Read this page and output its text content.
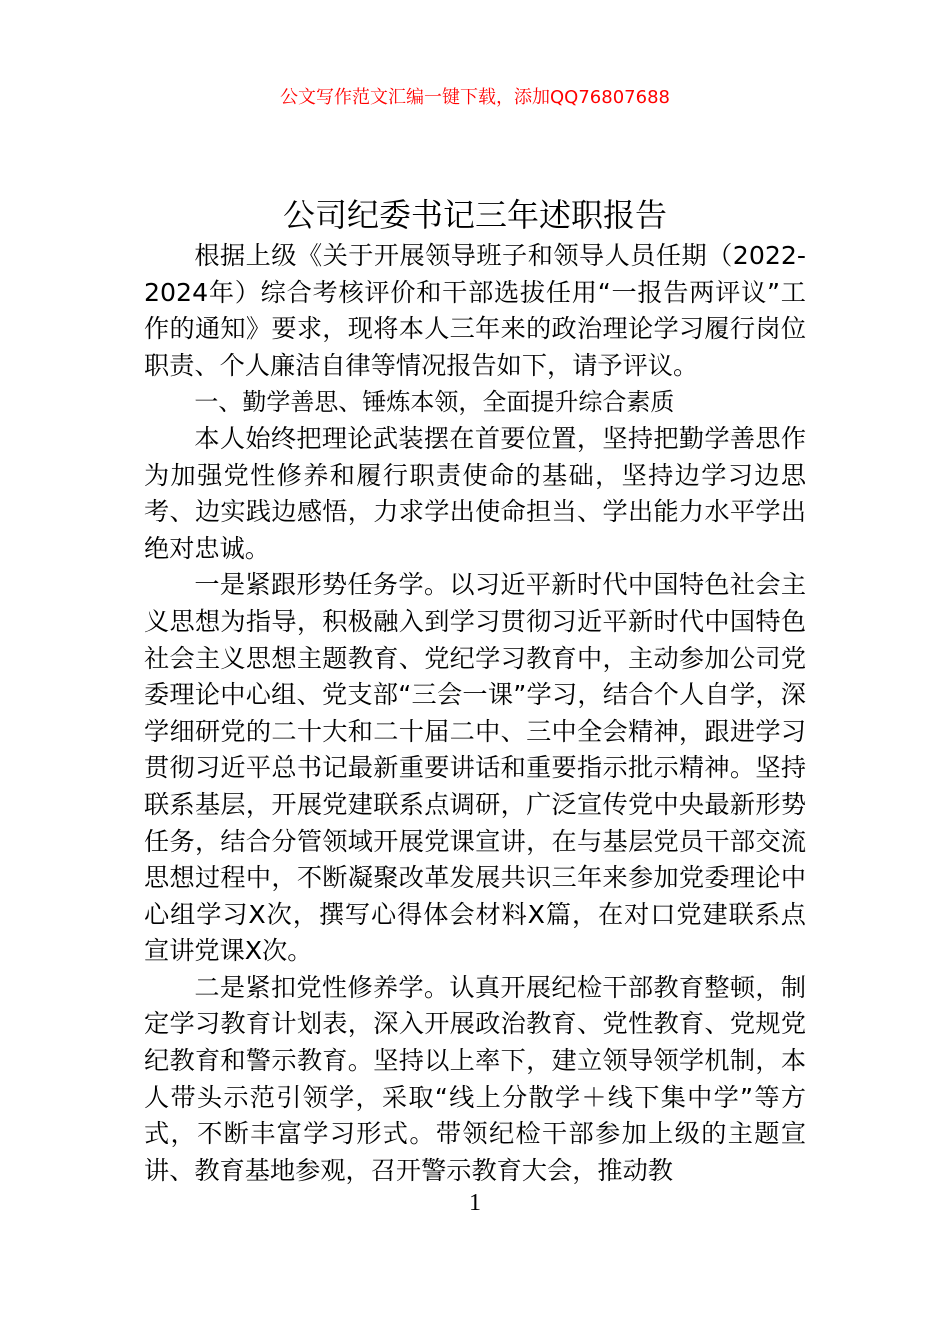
公文写作范文汇编一键下载，添加QQ76807688
公司纪委书记三年述职报告

根据上级《关于开展领导班子和领导人员任期（2022-2024年）综合考核评价和干部选拔任用“一报告两评议”工作的通知》要求，现将本人三年来的政治理论学习履行岗位职责、个人廉洁自律等情况报告如下，请予评议。

一、勤学善思、锤炼本领，全面提升综合素质

本人始终把理论武装摆在首要位置，坚持把勤学善思作为加强党性修养和履行职责使命的基础，坚持边学习边思考、边实践边感悟，力求学出使命担当、学出能力水平学出绝对忠诚。

一是紧跟形势任务学。以习近平新时代中国特色社会主义思想为指导，积极融入到学习贯彻习近平新时代中国特色社会主义思想主题教育、党纪学习教育中，主动参加公司党委理论中心组、党支部“三会一课”学习，结合个人自学，深学细研党的二十大和二十届二中、三中全会精神，跟进学习贯彻习近平总书记最新重要讲话和重要指示批示精神。坚持联系基层，开展党建联系点调研，广泛宣传党中央最新形势任务，结合分管领域开展党课宣讲，在与基层党员干部交流思想过程中，不断凝聚改革发展共识三年来参加党委理论中心组学习X次，撰写心得体会材料X篇，在对口党建联系点宣讲党课X次。

二是紧扣党性修养学。认真开展纪检干部教育整顿，制定学习教育计划表，深入开展政治教育、党性教育、党规党纪教育和警示教育。坚持以上率下，建立领导领学机制，本人带头示范引领学，采取“线上分散学＋线下集中学”等方式，不断丰富学习形式。带领纪检干部参加上级的主题宣讲、教育基地参观，召开警示教育大会，推动教

1
